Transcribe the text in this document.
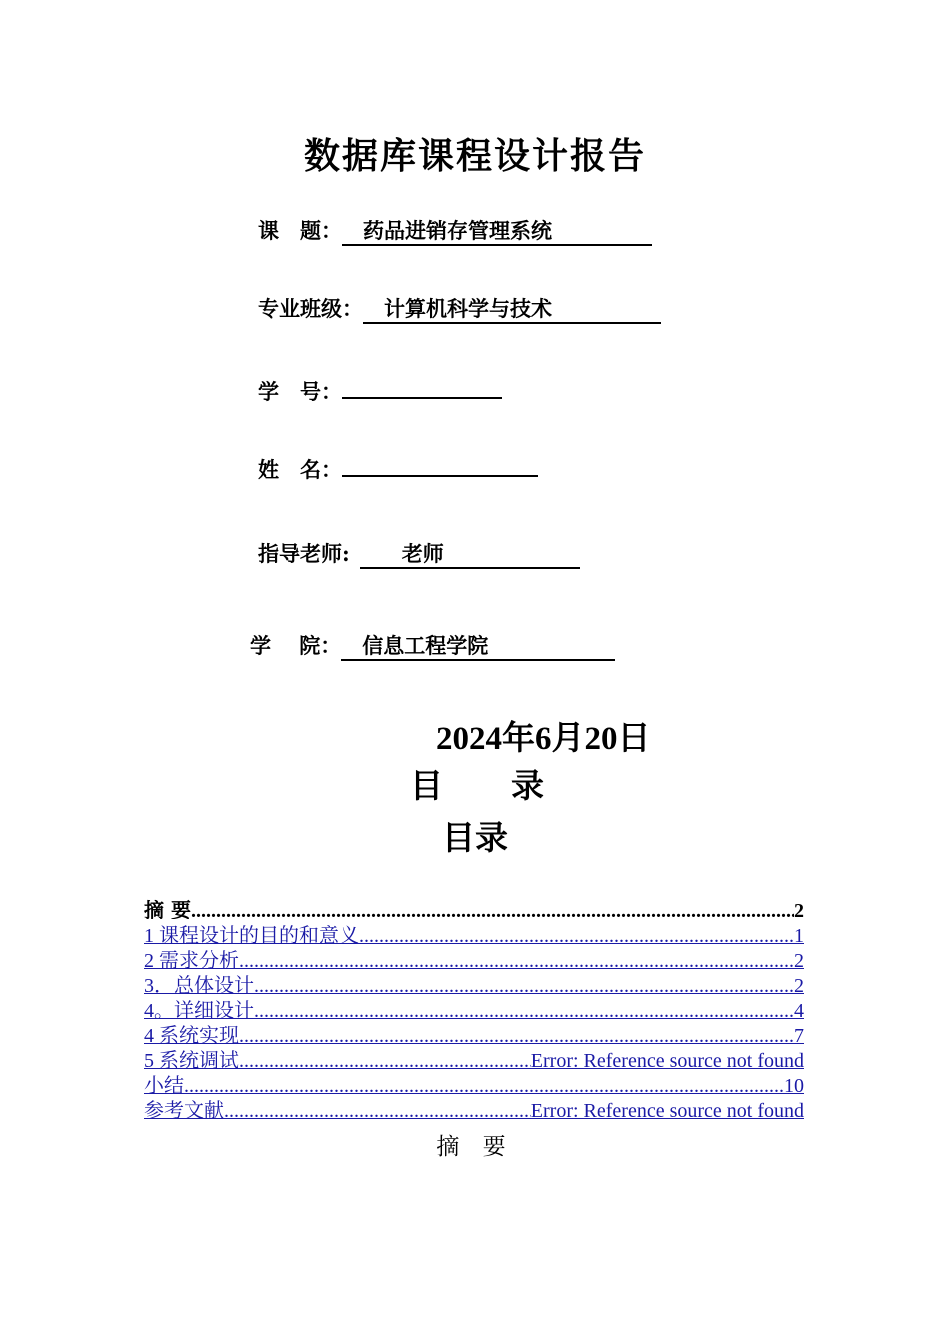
数据库课程设计报告
课　题：　药品进销存管理系统
专业班级：　计算机科学与技术
学　号：
姓　名：
指导老师:　　老师
学　 院：　信息工程学院
2024年6月20日
目 录
目录
摘 要 .....	2
1 课程设计的目的和意义 .....	1
2 需求分析 .....	2
3．总体设计 .....	2
4。详细设计 .....	4
4 系统实现 .....	7
5 系统调试 .....	Error: Reference source not found
小结 .....	10
参考文献 .....	Error: Reference source not found
摘 要
